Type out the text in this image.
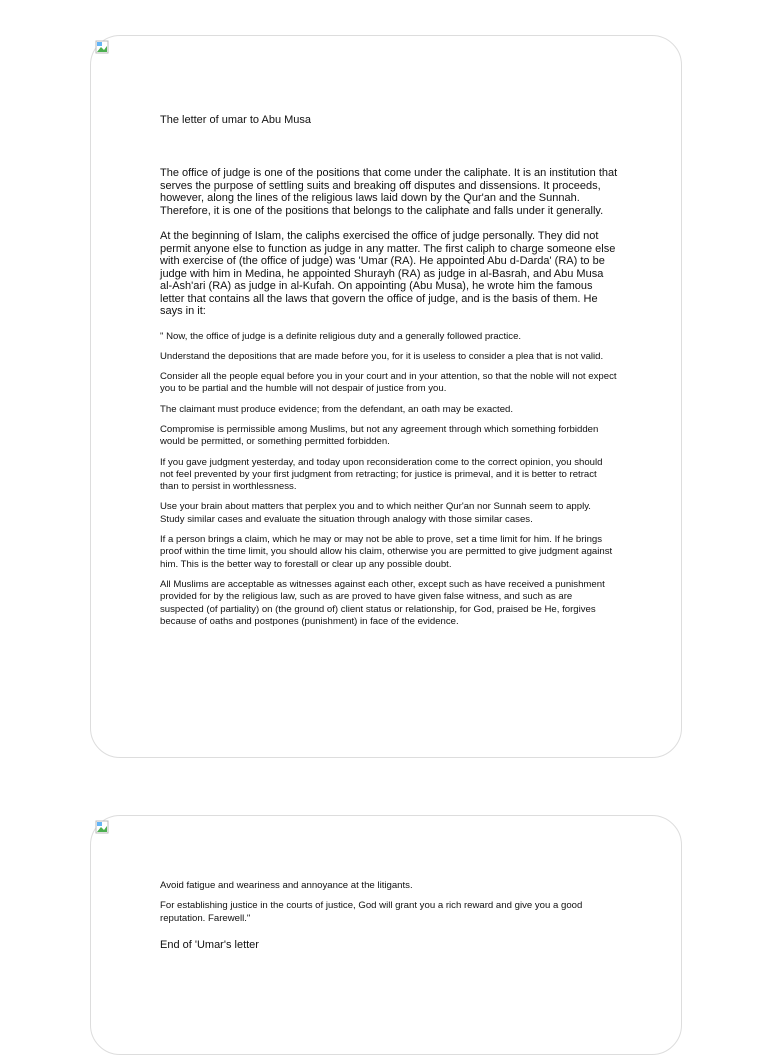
The letter of umar to Abu Musa

The office of judge is one of the positions that come under the caliphate. It is an institution that serves the purpose of settling suits and breaking off disputes and dissensions. It proceeds, however, along the lines of the religious laws laid down by the Qur'an and the Sunnah. Therefore, it is one of the positions that belongs to the caliphate and falls under it generally.

At the beginning of Islam, the caliphs exercised the office of judge personally. They did not permit anyone else to function as judge in any matter. The first caliph to charge someone else with exercise of (the office of judge) was 'Umar (RA). He appointed Abu d-Darda' (RA) to be judge with him in Medina, he appointed Shurayh (RA) as judge in al-Basrah, and Abu Musa al-Ash'ari (RA) as judge in al-Kufah. On appointing (Abu Musa), he wrote him the famous letter that contains all the laws that govern the office of judge, and is the basis of them. He says in it:

" Now, the office of judge is a definite religious duty and a generally followed practice.

Understand the depositions that are made before you, for it is useless to consider a plea that is not valid.

Consider all the people equal before you in your court and in your attention, so that the noble will not expect you to be partial and the humble will not despair of justice from you.

The claimant must produce evidence; from the defendant, an oath may be exacted.

Compromise is permissible among Muslims, but not any agreement through which something forbidden would be permitted, or something permitted forbidden.

If you gave judgment yesterday, and today upon reconsideration come to the correct opinion, you should not feel prevented by your first judgment from retracting; for justice is primeval, and it is better to retract than to persist in worthlessness.

Use your brain about matters that perplex you and to which neither Qur'an nor Sunnah seem to apply. Study similar cases and evaluate the situation through analogy with those similar cases.

If a person brings a claim, which he may or may not be able to prove, set a time limit for him. If he brings proof within the time limit, you should allow his claim, otherwise you are permitted to give judgment against him. This is the better way to forestall or clear up any possible doubt.

All Muslims are acceptable as witnesses against each other, except such as have received a punishment provided for by the religious law, such as are proved to have given false witness, and such as are suspected (of partiality) on (the ground of) client status or relationship, for God, praised be He, forgives because of oaths and postpones (punishment) in face of the evidence.

Avoid fatigue and weariness and annoyance at the litigants.

For establishing justice in the courts of justice, God will grant you a rich reward and give you a good reputation. Farewell."

End of 'Umar's letter
